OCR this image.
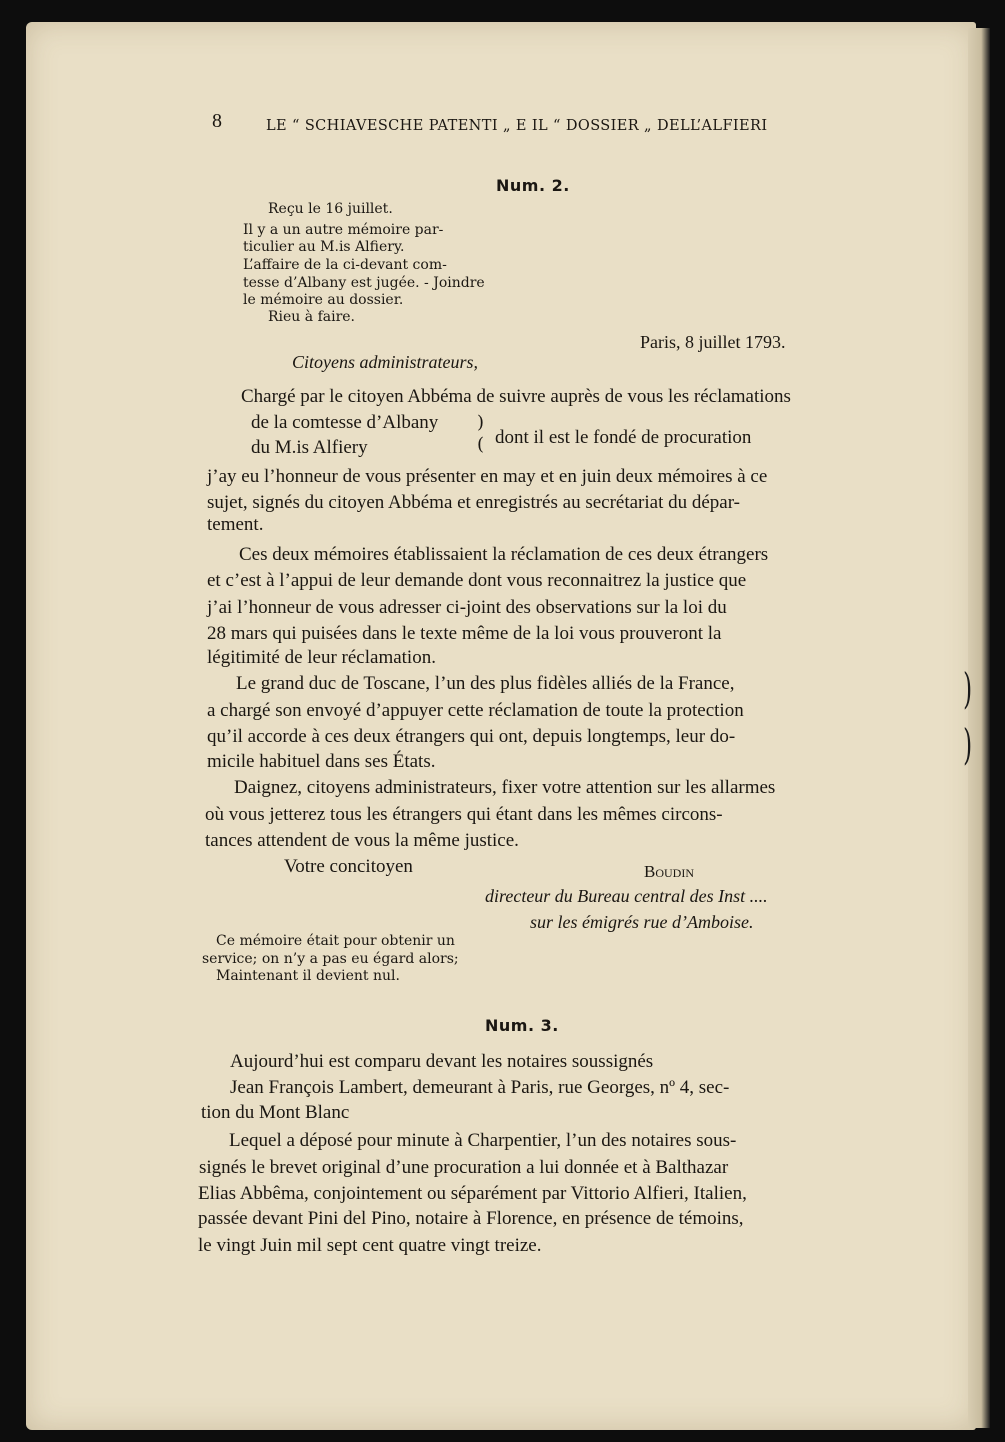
)
)
8	LE “ SCHIAVESCHE PATENTI „ E IL “ DOSSIER „ DELL’ALFIERI
Num. 2.
Reçu le 16 juillet.
Il y a un autre mémoire par-
ticulier au M.is Alfiery.
L’affaire de la ci-devant com-
tesse d’Albany est jugée. - Joindre
le mémoire au dossier.
Rieu à faire.
Paris, 8 juillet 1793.
Citoyens administrateurs,
Chargé par le citoyen Abbéma de suivre auprès de vous les réclamations
de la comtesse d’Albany
du M.is Alfiery
)
( dont il est le fondé de procuration
j’ay eu l’honneur de vous présenter en may et en juin deux mémoires à ce
sujet, signés du citoyen Abbéma et enregistrés au secrétariat du dépar-
tement.
Ces deux mémoires établissaient la réclamation de ces deux étrangers
et c’est à l’appui de leur demande dont vous reconnaitrez la justice que
j’ai l’honneur de vous adresser ci-joint des observations sur la loi du
28 mars qui puisées dans le texte même de la loi vous prouveront la
légitimité de leur réclamation.
Le grand duc de Toscane, l’un des plus fidèles alliés de la France,
a chargé son envoyé d’appuyer cette réclamation de toute la protection
qu’il accorde à ces deux étrangers qui ont, depuis longtemps, leur do-
micile habituel dans ses États.
Daignez, citoyens administrateurs, fixer votre attention sur les allarmes
où vous jetterez tous les étrangers qui étant dans les mêmes circons-
tances attendent de vous la même justice.
Votre concitoyen	Boudin
directeur du Bureau central des Inst ....
sur les émigrés rue d’Amboise.
Ce mémoire était pour obtenir un
service; on n’y a pas eu égard alors;
Maintenant il devient nul.
Num. 3.
Aujourd’hui est comparu devant les notaires soussignés
Jean François Lambert, demeurant à Paris, rue Georges, nº 4, sec-
tion du Mont Blanc
Lequel a déposé pour minute à Charpentier, l’un des notaires sous-
signés le brevet original d’une procuration a lui donnée et à Balthazar
Elias Abbêma, conjointement ou séparément par Vittorio Alfieri, Italien,
passée devant Pini del Pino, notaire à Florence, en présence de témoins,
le vingt Juin mil sept cent quatre vingt treize.
